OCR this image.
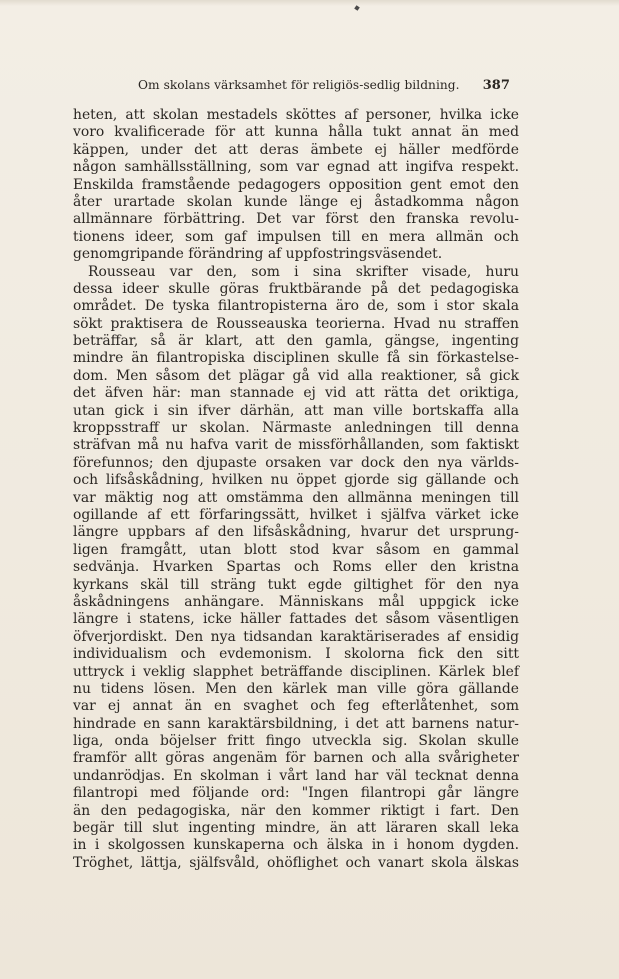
Om skolans värksamhet för religiös-sedlig bildning. 387
heten, att skolan mestadels sköttes af personer, hvilka icke
voro kvalificerade för att kunna hålla tukt annat än med
käppen, under det att deras ämbete ej häller medförde
någon samhällsställning, som var egnad att ingifva respekt.
Enskilda framstående pedagogers opposition gent emot den
åter urartade skolan kunde länge ej åstadkomma någon
allmännare förbättring. Det var först den franska revolu-
tionens ideer, som gaf impulsen till en mera allmän och
genomgripande förändring af uppfostringsväsendet.
Rousseau var den, som i sina skrifter visade, huru
dessa ideer skulle göras fruktbärande på det pedagogiska
området. De tyska filantropisterna äro de, som i stor skala
sökt praktisera de Rousseauska teorierna. Hvad nu straffen
beträffar, så är klart, att den gamla, gängse, ingenting
mindre än filantropiska disciplinen skulle få sin förkastelse-
dom. Men såsom det plägar gå vid alla reaktioner, så gick
det äfven här: man stannade ej vid att rätta det oriktiga,
utan gick i sin ifver därhän, att man ville bortskaffa alla
kroppsstraff ur skolan. Närmaste anledningen till denna
sträfvan må nu hafva varit de missförhållanden, som faktiskt
förefunnos; den djupaste orsaken var dock den nya världs-
och lifsåskådning, hvilken nu öppet gjorde sig gällande och
var mäktig nog att omstämma den allmänna meningen till
ogillande af ett förfaringssätt, hvilket i själfva värket icke
längre uppbars af den lifsåskådning, hvarur det ursprung-
ligen framgått, utan blott stod kvar såsom en gammal
sedvänja. Hvarken Spartas och Roms eller den kristna
kyrkans skäl till sträng tukt egde giltighet för den nya
åskådningens anhängare. Människans mål uppgick icke
längre i statens, icke häller fattades det såsom väsentligen
öfverjordiskt. Den nya tidsandan karaktäriserades af ensidig
individualism och evdemonism. I skolorna fick den sitt
uttryck i veklig slapphet beträffande disciplinen. Kärlek blef
nu tidens lösen. Men den kärlek man ville göra gällande
var ej annat än en svaghet och feg efterlåtenhet, som
hindrade en sann karaktärsbildning, i det att barnens natur-
liga, onda böjelser fritt fingo utveckla sig. Skolan skulle
framför allt göras angenäm för barnen och alla svårigheter
undanrödjas. En skolman i vårt land har väl tecknat denna
filantropi med följande ord: "Ingen filantropi går längre
än den pedagogiska, när den kommer riktigt i fart. Den
begär till slut ingenting mindre, än att läraren skall leka
in i skolgossen kunskaperna och älska in i honom dygden.
Tröghet, lättja, själfsvåld, ohöflighet och vanart skola älskas
